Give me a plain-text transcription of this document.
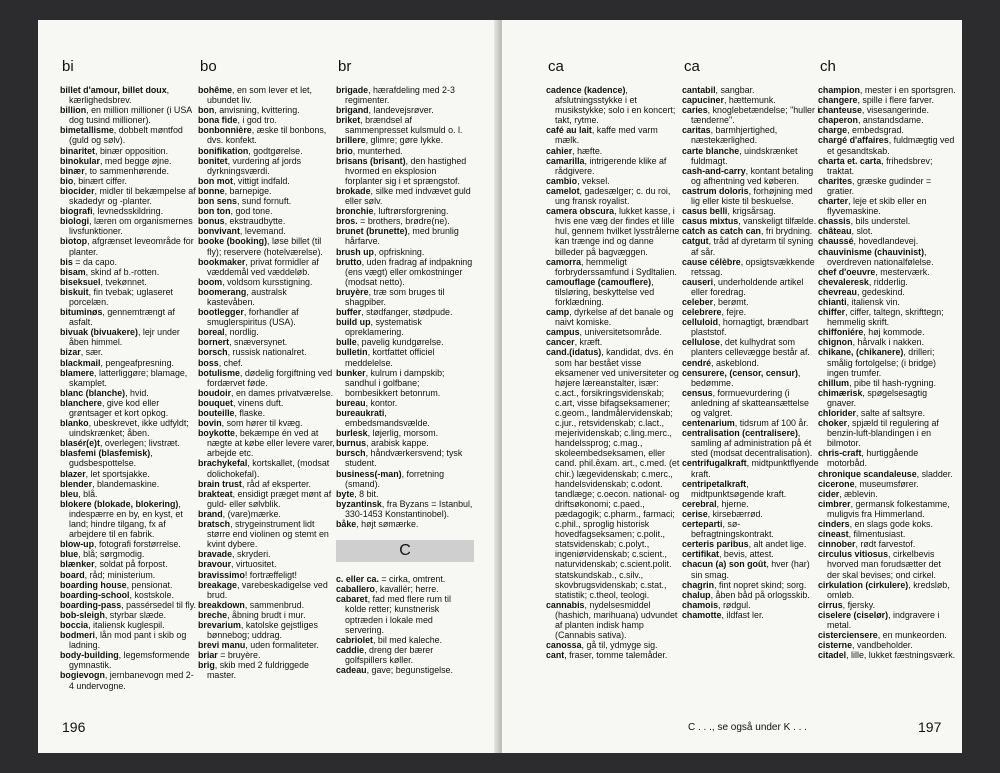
bi
billet d'amour, billet doux, kærlighedsbrev.
billion, en million millioner (i USA dog tusind millioner).
bimetallisme, dobbelt møntfod (guld og sølv).
binaritet, binær opposition.
binokular, med begge øjne.
binær, to sammenhørende.
bio, binært ciffer.
biocider, midler til bekæmpelse af skadedyr og -planter.
biografi, levnedsskildring.
biologi, læren om organismernes livsfunktioner.
biotop, afgrænset leveområde for planter.
bis = da capo.
bisam, skind af b.-rotten.
biseksuel, tvekønnet.
biskuit, fin tvebak; uglaseret porcelæn.
bituminøs, gennemtrængt af asfalt.
bivuak (bivuakere), lejr under åben himmel.
bizar, sær.
blackmail, pengeafpresning.
blamere, latterliggøre; blamage, skamplet.
blanc (blanche), hvid.
blanchere, give kod eller grøntsager et kort opkog.
blanko, ubeskrevet, ikke udfyldt; uindskrænket; åben.
blasér(e)t, overlegen; livstræt.
blasfemi (blasfemisk), gudsbespottelse.
blazer, let sportsjakke.
blender, blandemaskine.
bleu, blå.
blokere (blokade, blokering), indespærre en by, en kyst, et land; hindre tilgang, fx af arbejdere til en fabrik.
blow-up, fotografi forstørrelse.
blue, blå; sørgmodig.
blænker, soldat på forpost.
board, råd; ministerium.
boarding house, pensionat.
boarding-school, kostskole.
boarding-pass, passérsedel til fly.
bob-sleigh, styrbar slæde.
boccia, italiensk kuglespil.
bodmeri, lån mod pant i skib og ladning.
body-building, legemsformende gymnastik.
bogievogn, jernbanevogn med 2-4 undervogne.
bo
bohême, en som lever et let, ubundet liv.
bon, anvisning, kvittering.
bona fide, i god tro.
bonbonnière, æske til bonbons, dvs. konfekt.
bonifikation, godtgørelse.
bonitet, vurdering af jords dyrkningsværdi.
bon mot, vittigt indfald.
bonne, barnepige.
bon sens, sund fornuft.
bon ton, god tone.
bonus, ekstraudbytte.
bonvivant, levemand.
booke (booking), løse billet (til fly); reservere (hotelværelse).
bookmaker, privat formidler af væddemål ved væddeløb.
boom, voldsom kursstigning.
boomerang, australsk kastevåben.
bootlegger, forhandler af smuglerspiritus (USA).
boreal, nordlig.
bornert, snæversynet.
borsch, russisk nationalret.
boss, chef.
botulisme, dødelig forgiftning ved fordærvet føde.
boudoir, en dames privatværelse.
bouquet, vinens duft.
bouteille, flaske.
bovin, som hører til kvæg.
boykotte, bekæmpe én ved at nægte at købe eller levere varer, arbejde etc.
brachykefal, kortskallet, (modsat dolichokefal).
brain trust, råd af eksperter.
brakteat, ensidigt præget mønt af guld- eller sølvblik.
brand, (vare)mærke.
bratsch, strygeinstrument lidt større end violinen og stemt en kvint dybere.
bravade, skryderi.
bravour, virtuositet.
bravissimo! fortræffeligt!
breakage, varebeskadigelse ved brud.
breakdown, sammenbrud.
breche, åbning brudt i mur.
brevarium, katolske gejstliges bønnebog; uddrag.
brevi manu, uden formaliteter.
briar = bruyère.
brig, skib med 2 fuldriggede master.
br
brigade, hærafdeling med 2-3 regimenter.
brigand, landevejsrøver.
briket, brændsel af sammenpresset kulsmuld o. l.
brillere, glimre; gøre lykke.
brio, munterhed.
brisans (brisant), den hastighed hvormed en eksplosion forplanter sig i et sprængstof.
brokade, silke med indvævet guld eller sølv.
bronchie, luftrørsforgrening.
bros. = brothers, brødre(ne).
brunet (brunette), med brunlig hårfarve.
brush up, opfriskning.
brutto, uden fradrag af indpakning (ens vægt) eller omkostninger (modsat netto).
bruyère, træ som bruges til shagpiber.
buffer, stødfanger, stødpude.
build up, systematisk opreklamering.
bulle, pavelig kundgørelse.
bulletin, kortfattet officiel meddelelse.
bunker, kulrum i dampskib; sandhul i golfbane; bombesikkert betonrum.
bureau, kontor.
bureaukrati, embedsmandsvælde.
burlesk, løjerlig, morsom.
burnus, arabisk kappe.
bursch, håndværkersvend; tysk student.
business(-man), forretning (smand).
byte, 8 bit.
byzantinsk, fra Byzans = Istanbul, 330-1453 Konstantinobel).
båke, højt sømærke.
C
c. eller ca. = cirka, omtrent.
caballero, kavallér; herre.
cabaret, fad med flere rum til kolde retter; kunstnerisk optræden i lokale med servering.
cabriolet, bil med kaleche.
caddie, dreng der bærer golfspillers køller.
cadeau, gave; begunstigelse.
196
ca
cadence (kadence), afslutningsstykke i et musikstykke; solo i en koncert; takt, rytme.
café au lait, kaffe med varm mælk.
cahier, hæfte.
camarilla, intrigerende klike af rådgivere.
cambio, veksel.
camelot, gadesælger; c. du roi, ung fransk royalist.
camera obscura, lukket kasse, i hvis ene væg der findes et lille hul, gennem hvilket lysstrålerne kan trænge ind og danne billeder på bagvæggen.
camorra, hemmeligt forbryderssamfund i Sydltalien.
camouflage (camouflere), tilsløring, beskyttelse ved forklædning.
camp, dyrkelse af det banale og naivt komiske.
campus, universitetsområde.
cancer, kræft.
cand.(idatus), kandidat, dvs. én som har bestået visse eksamener ved universiteter og højere læreanstalter, især: c.act., forsikringsvidenskab; c.art, visse bifagseksamener; c.geom., landmålervidenskab; c.jur., retsvidenskab; c.lact., mejerividenskab; c.ling.merc., handelssprog; c.mag., skoleembedseksamen, eller cand. phil.ēxam. art., c.med. (et chir.) lægevidenskab; c.merc., handelsvidenskab; c.odont. tandlæge; c.oecon. national- og driftsøkonomi; c.paed., pædagogik; c.pharm., farmaci; c.phil., sproglig historisk hovedfagseksamen; c.polit., statsvidenskab; c.polyt., ingeniørvidenskab; c.scient., naturvidenskab; c.scient.polit. statskundskab., c.silv., skovbrugsvidenskab; c.stat., statistik; c.theol, teologi.
cannabis, nydelsesmiddel (hashich, marihuana) udvundet af planten indisk hamp (Cannabis sativa).
canossa, gå til, ydmyge sig.
cant, fraser, tomme talemåder.
ca
cantabil, sangbar.
capuciner, hættemunk.
caries, knoglebetændelse; "huller i tænderne".
caritas, barmhjertighed, næstekærlighed.
carte blanche, uindskrænket fuldmagt.
cash-and-carry, kontant betaling og afhentning ved køberen.
castrum doloris, forhøjning med lig eller kiste til beskuelse.
casus belli, krigsårsag.
casus mixtus, vanskeligt tilfælde.
catch as catch can, fri brydning.
catgut, tråd af dyretarm til syning af sår.
cause célèbre, opsigtsvækkende retssag.
causeri, underholdende artikel eller foredrag.
celeber, berømt.
celebrere, fejre.
celluloid, hornagtigt, brændbart plaststof.
cellulose, det kulhydrat som planters cellevægge består af.
cendré, askeblond.
censurere, (censor, censur), bedømme.
census, formuevurdering (i anledning af skatteansættelse og valgret.
centenarium, tidsrum af 100 år.
centralisation (centralisere), samling af administration på ét sted (modsat decentralisation).
centrifugalkraft, midtpunktflyende kraft.
centripetalkraft, midtpunktsøgende kraft.
cerebral, hjerne.
cerise, kirsebærrød.
certeparti, sø-befragtningskontrakt.
certeris paribus, alt andet lige.
certifikat, bevis, attest.
chacun (a) son goût, hver (har) sin smag.
chagrin, fint nopret skind; sorg.
chalup, åben båd på orlogsskib.
chamois, rødgul.
chamotte, ildfast ler.
ch
champion, mester i en sportsgren.
changere, spille i flere farver.
chanteuse, visesangerinde.
chaperon, anstandsdame.
charge, embedsgrad.
chargé d'affaires, fuldmægtig ved et gesandtskab.
charta et. carta, frihedsbrev; traktat.
charites, græske gudinder = gratier.
charter, leje et skib eller en flyvemaskine.
chassis, bils understel.
château, slot.
chaussé, hovedlandevej.
chauvinisme (chauvinist), overdreven nationalfølelse.
chef d'oeuvre, mesterværk.
chevaleresk, ridderlig.
chevreau, gedeskind.
chianti, italiensk vin.
chiffer, ciffer, taltegn, skrifttegn; hemmelig skrift.
chiffoniére, høj kommode.
chignon, hårvalk i nakken.
chikane, (chikanere), drilleri; smålig fortolgelse; (i bridge) ingen trumfer.
chillum, pibe til hash-rygning.
chimærisk, spøgelsesagtig gnaver.
chlorider, salte af saltsyre.
choker, spjæld til regulering af benzin-luft-blandingen i en bilmotor.
chris-craft, hurtiggående motorbåd.
chronique scandaleuse, sladder.
cicerone, museumsfører.
cider, æblevin.
cimbrer, germansk folkestamme, muligvis fra Himmerland.
cinders, en slags gode koks.
cineast, filmentusiast.
cinnober, rødt farvestof.
circulus vitiosus, cirkelbevis hvorved man forudsætter det der skal bevises; ond cirkel.
cirkulation (cirkulere), kredsløb, omløb.
cirrus, fjersky.
ciselere (ciselør), indgravere i metal.
cistercienserе, en munkeorden.
cisterne, vandbeholder.
citadel, lille, lukket fæstningsværk.
C . . ., se også under K . . .	197
